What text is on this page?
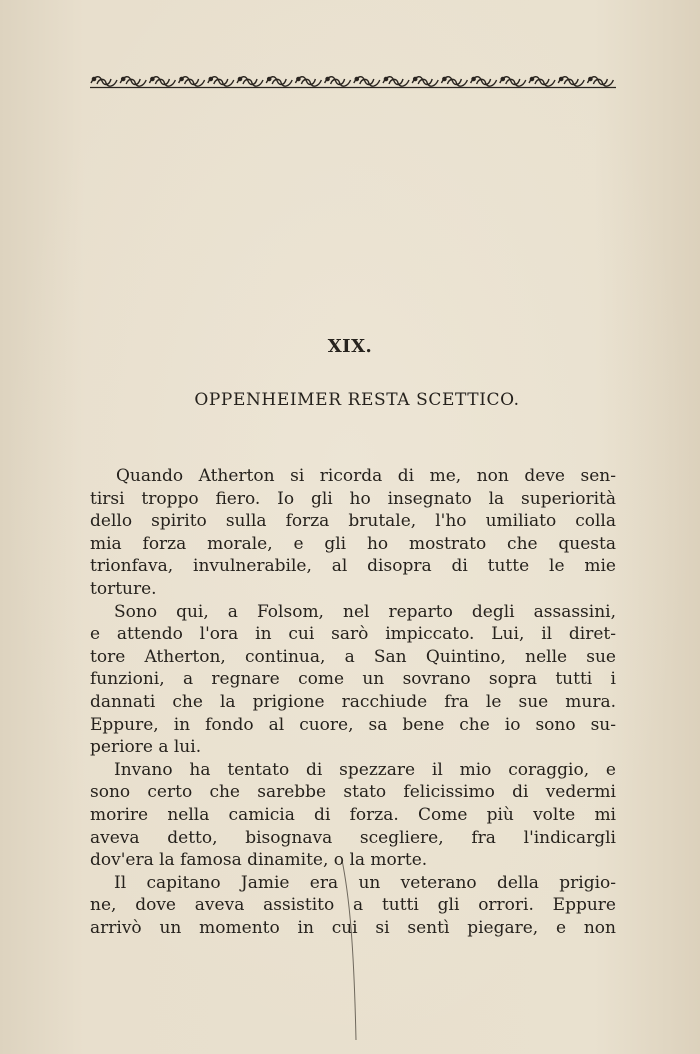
XIX.
OPPENHEIMER RESTA SCETTICO.
Quando Atherton si ricorda di me, non deve sen-
tirsi troppo fiero. Io gli ho insegnato la superiorità
dello spirito sulla forza brutale, l'ho umiliato colla
mia forza morale, e gli ho mostrato che questa
trionfava, invulnerabile, al disopra di tutte le mie
torture.
Sono qui, a Folsom, nel reparto degli assassini,
e attendo l'ora in cui sarò impiccato. Lui, il diret-
tore Atherton, continua, a San Quintino, nelle sue
funzioni, a regnare come un sovrano sopra tutti i
dannati che la prigione racchiude fra le sue mura.
Eppure, in fondo al cuore, sa bene che io sono su-
periore a lui.
Invano ha tentato di spezzare il mio coraggio, e
sono certo che sarebbe stato felicissimo di vedermi
morire nella camicia di forza. Come più volte mi
aveva detto, bisognava scegliere, fra l'indicargli
dov'era la famosa dinamite, o la morte.
Il capitano Jamie era un veterano della prigio-
ne, dove aveva assistito a tutti gli orrori. Eppure
arrivò un momento in cui si sentì piegare, e non
